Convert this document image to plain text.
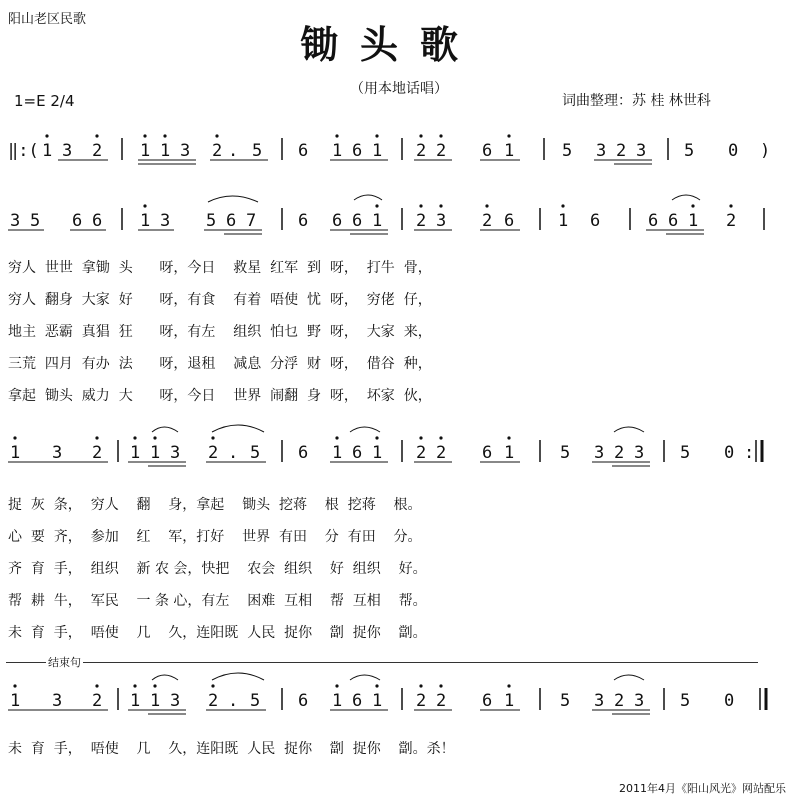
阳山老区民歌
锄头歌
（用本地话唱）
1=E 2/4	词曲整理：苏 桂 林世科
‖:( 1 3 2 1 1 3 2 . 5 6 1 6 1 2 2 6 1	5 3 2 3 5 0 )
3 5 6 6 1 3 5 6 7 6 6 6 1 2 3 2 6	1 6	6 6 1 2
1 3 2 1 1 3 2 . 5 6 1 6 1 2 2 6 1	5 3 2 3 5 0 :
1 3 2 1 1 3 2 . 5 6 1 6 1 2 2 6 1	5 3 2 3 5 0
穷人  世世  拿锄  头      呀，今日    救星  红军  到  呀，  打牛  骨，
穷人  翻身  大家  好      呀，有食    有着  唔使  忧  呀，  穷佬  仔，
地主  恶霸  真猖  狂      呀，有左    组织  怕乜  野  呀，  大家  来，
三荒  四月  有办  法      呀，退租    减息  分浮  财  呀，  借谷  种，
拿起  锄头  威力  大      呀，今日    世界  闹翻  身  呀，  坏家  伙，
捉  灰  条，  穷人    翻    身，拿起    锄头  挖蒋    根  挖蒋    根。
心  要  齐，  参加    红    军，打好    世界  有田    分  有田    分。
齐  育  手，  组织    新 农 会，快把    农会  组织    好  组织    好。
帮  耕  牛，  军民    一 条 心，有左    困难  互相    帮  互相    帮。
未  育  手，  唔使    几    久，连阳既  人民  捉你    劏  捉你    劏。
结束句
未  育  手，  唔使    几    久，连阳既  人民  捉你    劏  捉你    劏。杀！
2011年4月《阳山风光》网站配乐
